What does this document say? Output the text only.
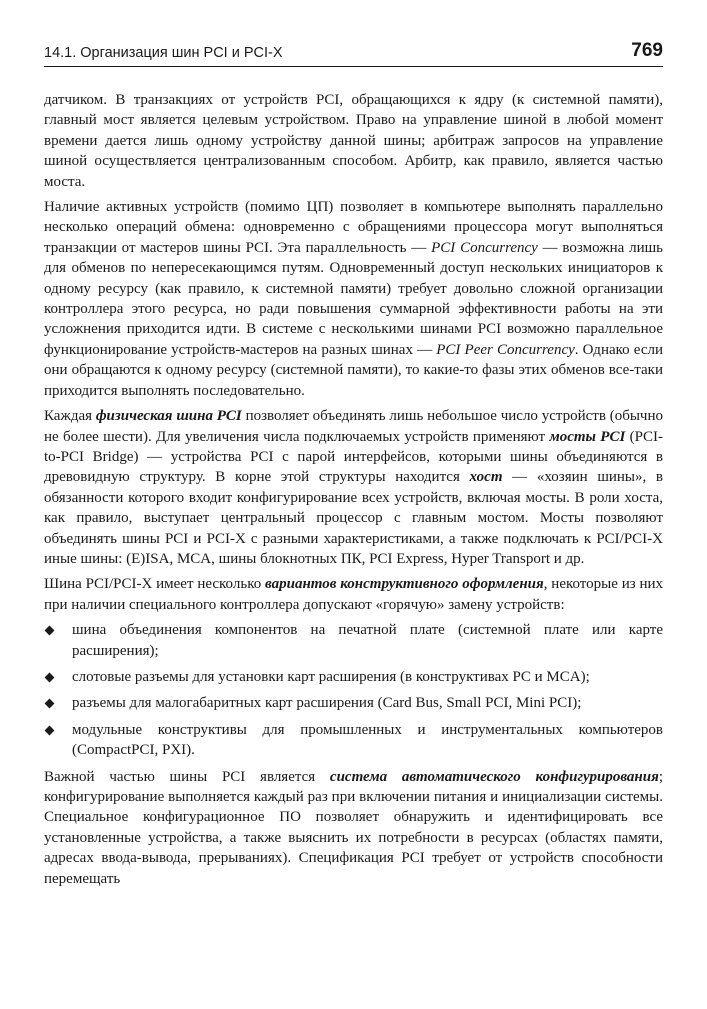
14.1. Организация шин PCI и PCI-X	769

датчиком. В транзакциях от устройств PCI, обращающихся к ядру (к системной памяти), главный мост является целевым устройством. Право на управление шиной в любой момент времени дается лишь одному устройству данной шины; арбитраж запросов на управление шиной осуществляется централизованным способом. Арбитр, как правило, является частью моста.

Наличие активных устройств (помимо ЦП) позволяет в компьютере выполнять параллельно несколько операций обмена: одновременно с обращениями процессора могут выполняться транзакции от мастеров шины PCI. Эта параллельность — PCI Concurrency — возможна лишь для обменов по непересекающимся путям. Одновременный доступ нескольких инициаторов к одному ресурсу (как правило, к системной памяти) требует довольно сложной организации контроллера этого ресурса, но ради повышения суммарной эффективности работы на эти усложнения приходится идти. В системе с несколькими шинами PCI возможно параллельное функционирование устройств-мастеров на разных шинах — PCI Peer Concurrency. Однако если они обращаются к одному ресурсу (системной памяти), то какие-то фазы этих обменов все-таки приходится выполнять последовательно.

Каждая физическая шина PCI позволяет объединять лишь небольшое число устройств (обычно не более шести). Для увеличения числа подключаемых устройств применяют мосты PCI (PCI-to-PCI Bridge) — устройства PCI с парой интерфейсов, которыми шины объединяются в древовидную структуру. В корне этой структуры находится хост — «хозяин шины», в обязанности которого входит конфигурирование всех устройств, включая мосты. В роли хоста, как правило, выступает центральный процессор с главным мостом. Мосты позволяют объединять шины PCI и PCI-X с разными характеристиками, а также подключать к PCI/PCI-X иные шины: (E)ISA, MCA, шины блокнотных ПК, PCI Express, Hyper Transport и др.

Шина PCI/PCI-X имеет несколько вариантов конструктивного оформления, некоторые из них при наличии специального контроллера допускают «горячую» замену устройств:

шина объединения компонентов на печатной плате (системной плате или карте расширения);
слотовые разъемы для установки карт расширения (в конструктивах PC и MCA);
разъемы для малогабаритных карт расширения (Card Bus, Small PCI, Mini PCI);
модульные конструктивы для промышленных и инструментальных компьютеров (CompactPCI, PXI).

Важной частью шины PCI является система автоматического конфигурирования; конфигурирование выполняется каждый раз при включении питания и инициализации системы. Специальное конфигурационное ПО позволяет обнаружить и идентифицировать все установленные устройства, а также выяснить их потребности в ресурсах (областях памяти, адресах ввода-вывода, прерываниях). Спецификация PCI требует от устройств способности перемещать
